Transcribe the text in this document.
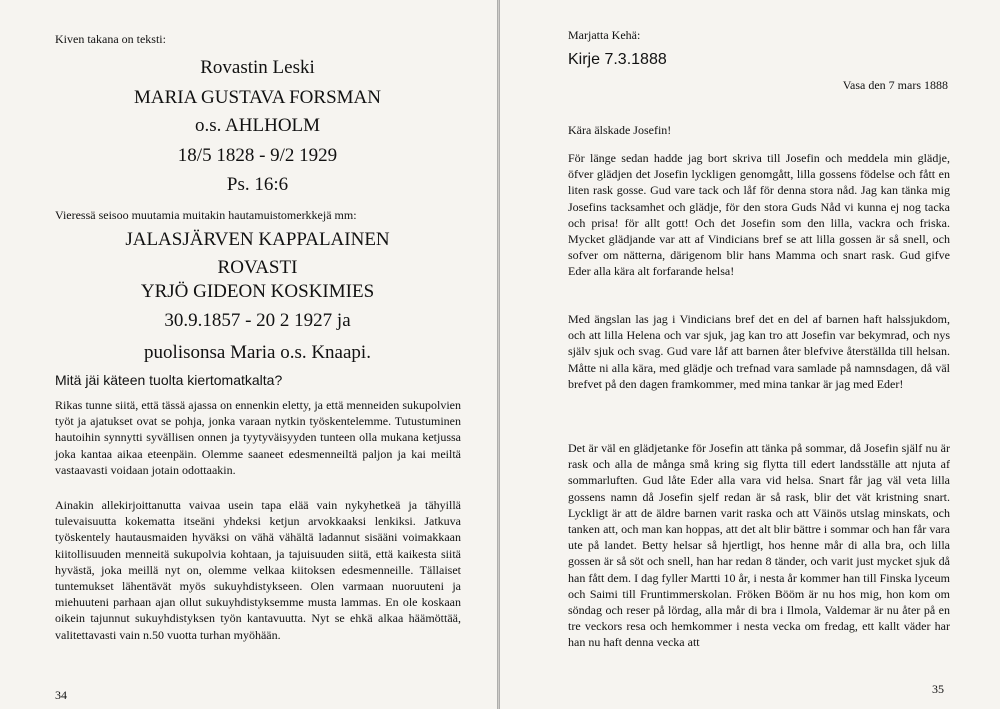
Kiven takana on teksti:

Rovastin Leski

MARIA GUSTAVA FORSMAN

o.s. AHLHOLM

18/5 1828 - 9/2 1929

Ps. 16:6

Vieressä seisoo muutamia muitakin hautamuistomerkkejä mm:

JALASJÄRVEN KAPPALAINEN

ROVASTI

YRJÖ GIDEON KOSKIMIES

30.9.1857 - 20 2 1927 ja

puolisonsa Maria o.s. Knaapi.

Mitä jäi käteen tuolta kiertomatkalta?

Rikas tunne siitä, että tässä ajassa on ennenkin eletty, ja että menneiden sukupolvien työt ja ajatukset ovat se pohja, jonka varaan nytkin työskentelemme. Tutustuminen hautoihin synnytti syvällisen onnen ja tyytyväisyyden tunteen olla mukana ketjussa joka kantaa aikaa eteenpäin. Olemme saaneet edesmenneiltä paljon ja kai meiltä vastaavasti voidaan jotain odottaakin.

Ainakin allekirjoittanutta vaivaa usein tapa elää vain nykyhetkeä ja tähyillä tulevaisuutta kokematta itseäni yhdeksi ketjun arvokkaaksi lenkiksi. Jatkuva työskentely hautausmaiden hyväksi on vähä vähältä ladannut sisääni voimakkaan kiitollisuuden menneitä sukupolvia kohtaan, ja tajuisuuden siitä, että kaikesta siitä hyvästä, joka meillä nyt on, olemme velkaa kiitoksen edesmenneille. Tällaiset tuntemukset lähentävät myös sukuyhdistykseen. Olen varmaan nuoruuteni ja miehuuteni parhaan ajan ollut sukuyhdistyksemme musta lammas. En ole koskaan oikein tajunnut sukuyhdistyksen työn kantavuutta. Nyt se ehkä alkaa häämöttää, valitettavasti vain n.50 vuotta turhan myöhään.

34

Marjatta Kehä:

Kirje 7.3.1888

Vasa den 7 mars 1888

Kära älskade Josefin!

För länge sedan hadde jag bort skriva till Josefin och meddela min glädje, öfver glädjen det Josefin lyckligen genomgått, lilla gossens födelse och fått en liten rask gosse. Gud vare tack och låf för denna stora nåd. Jag kan tänka mig Josefins tacksamhet och glädje, för den stora Guds Nåd vi kunna ej nog tacka och prisa! för allt gott! Och det Josefin som den lilla, vackra och friska. Mycket glädjande var att af Vindicians bref se att lilla gossen är så snell, och sofver om nätterna, därigenom blir hans Mamma och snart rask. Gud gifve Eder alla kära alt forfarande helsa!

Med ängslan las jag i Vindicians bref det en del af barnen haft halssjukdom, och att lilla Helena och var sjuk, jag kan tro att Josefin var bekymrad, och nys själv sjuk och svag. Gud vare låf att barnen åter blefvive återställda till helsan. Måtte ni alla kära, med glädje och trefnad vara samlade på namnsdagen, då väl brefvet på den dagen framkommer, med mina tankar är jag med Eder!

Det är väl en glädjetanke för Josefin att tänka på sommar, då Josefin själf nu är rask och alla de många små kring sig flytta till edert landsställe att njuta af sommarluften. Gud låte Eder alla vara vid helsa. Snart får jag väl veta lilla gossens namn då Josefin sjelf redan är så rask, blir det vät kristning snart. Lyckligt är att de äldre barnen varit raska och att Väinös utslag minskats, och tanken att, och man kan hoppas, att det alt blir bättre i sommar och han får vara ute på landet. Betty helsar så hjertligt, hos henne mår di alla bra, och lilla gossen är så söt och snell, han har redan 8 tänder, och varit just mycket sjuk då han fått dem. I dag fyller Martti 10 år, i nesta år kommer han till Finska lyceum och Saimi till Fruntimmerskolan. Fröken Bööm är nu hos mig, hon kom om söndag och reser på lördag, alla mår di bra i Ilmola, Valdemar är nu åter på en tre veckors resa och hemkommer i nesta vecka om fredag, ett kallt väder har han nu haft denna vecka att

35
